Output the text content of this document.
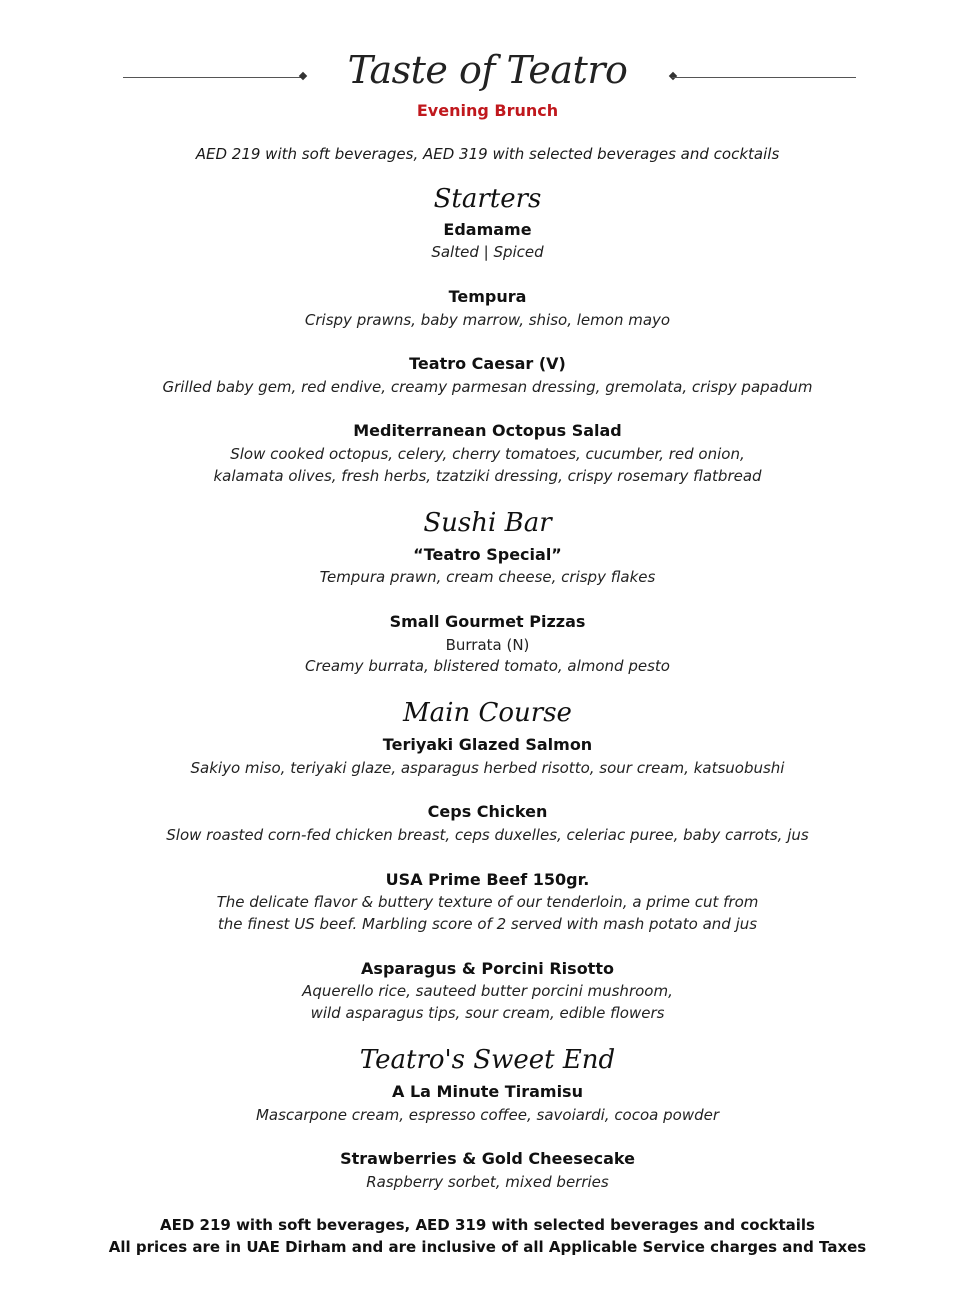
Taste of Teatro
Evening Brunch
AED 219 with soft beverages, AED 319 with selected beverages and cocktails
Starters
Edamame
Salted | Spiced
Tempura
Crispy prawns, baby marrow, shiso, lemon mayo
Teatro Caesar (V)
Grilled baby gem, red endive, creamy parmesan dressing, gremolata, crispy papadum
Mediterranean Octopus Salad
Slow cooked octopus, celery, cherry tomatoes, cucumber, red onion,
kalamata olives, fresh herbs, tzatziki dressing, crispy rosemary flatbread
Sushi Bar
“Teatro Special”
Tempura prawn, cream cheese, crispy flakes
Small Gourmet Pizzas
Burrata (N)
Creamy burrata, blistered tomato, almond pesto
Main Course
Teriyaki Glazed Salmon
Sakiyo miso, teriyaki glaze, asparagus herbed risotto, sour cream, katsuobushi
Ceps Chicken
Slow roasted corn-fed chicken breast, ceps duxelles, celeriac puree, baby carrots, jus
USA Prime Beef 150gr.
The delicate flavor & buttery texture of our tenderloin, a prime cut from
the finest US beef. Marbling score of 2 served with mash potato and jus
Asparagus & Porcini Risotto
Aquerello rice, sauteed butter porcini mushroom,
wild asparagus tips, sour cream, edible flowers
Teatro's Sweet End
A La Minute Tiramisu
Mascarpone cream, espresso coffee, savoiardi, cocoa powder
Strawberries & Gold Cheesecake
Raspberry sorbet, mixed berries
AED 219 with soft beverages, AED 319 with selected beverages and cocktails
All prices are in UAE Dirham and are inclusive of all Applicable Service charges and Taxes
